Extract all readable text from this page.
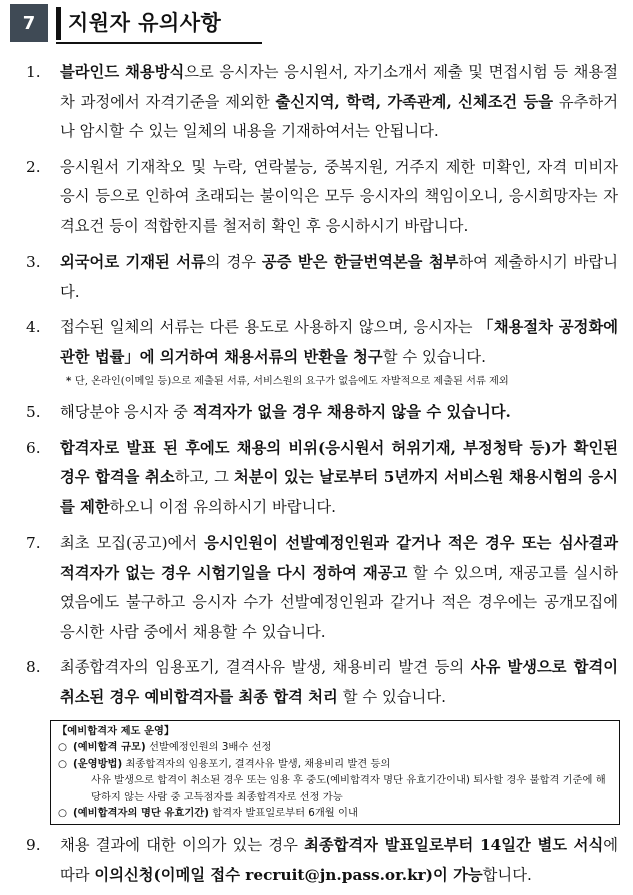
7	지원자 유의사항
1. 블라인드 채용방식으로 응시자는 응시원서, 자기소개서 제출 및 면접시험 등 채용절차 과정에서 자격기준을 제외한 출신지역, 학력, 가족관계, 신체조건 등을 유추하거나 암시할 수 있는 일체의 내용을 기재하여서는 안됩니다.
2. 응시원서 기재착오 및 누락, 연락불능, 중복지원, 거주지 제한 미확인, 자격 미비자 응시 등으로 인하여 초래되는 불이익은 모두 응시자의 책임이오니, 응시희망자는 자격요건 등이 적합한지를 철저히 확인 후 응시하시기 바랍니다.
3. 외국어로 기재된 서류의 경우 공증 받은 한글번역본을 첨부하여 제출하시기 바랍니다.
4. 접수된 일체의 서류는 다른 용도로 사용하지 않으며, 응시자는 「채용절차 공정화에 관한 법률」에 의거하여 채용서류의 반환을 청구할 수 있습니다.
* 단, 온라인(이메일 등)으로 제출된 서류, 서비스원의 요구가 없음에도 자발적으로 제출된 서류 제외
5. 해당분야 응시자 중 적격자가 없을 경우 채용하지 않을 수 있습니다.
6. 합격자로 발표 된 후에도 채용의 비위(응시원서 허위기재, 부정청탁 등)가 확인된 경우 합격을 취소하고, 그 처분이 있는 날로부터 5년까지 서비스원 채용시험의 응시를 제한하오니 이점 유의하시기 바랍니다.
7. 최초 모집(공고)에서 응시인원이 선발예정인원과 같거나 적은 경우 또는 심사결과 적격자가 없는 경우 시험기일을 다시 정하여 재공고 할 수 있으며, 재공고를 실시하였음에도 불구하고 응시자 수가 선발예정인원과 같거나 적은 경우에는 공개모집에 응시한 사람 중에서 채용할 수 있습니다.
8. 최종합격자의 임용포기, 결격사유 발생, 채용비리 발견 등의 사유 발생으로 합격이 취소된 경우 예비합격자를 최종 합격 처리 할 수 있습니다.
【예비합격자 제도 운영】
○ (예비합격 규모) 선발예정인원의 3배수 선정
○ (운영방법) 최종합격자의 임용포기, 결격사유 발생, 채용비리 발견 등의
사유 발생으로 합격이 취소된 경우 또는 임용 후 중도(예비합격자 명단 유효기간이내) 퇴사할 경우 불합격 기준에 해당하지 않는 사람 중 고득점자를 최종합격자로 선정 가능
○ (예비합격자의 명단 유효기간) 합격자 발표일로부터 6개월 이내
9. 채용 결과에 대한 이의가 있는 경우 최종합격자 발표일로부터 14일간 별도 서식에 따라 이의신청(이메일 접수 recruit@jn.pass.or.kr)이 가능합니다.
